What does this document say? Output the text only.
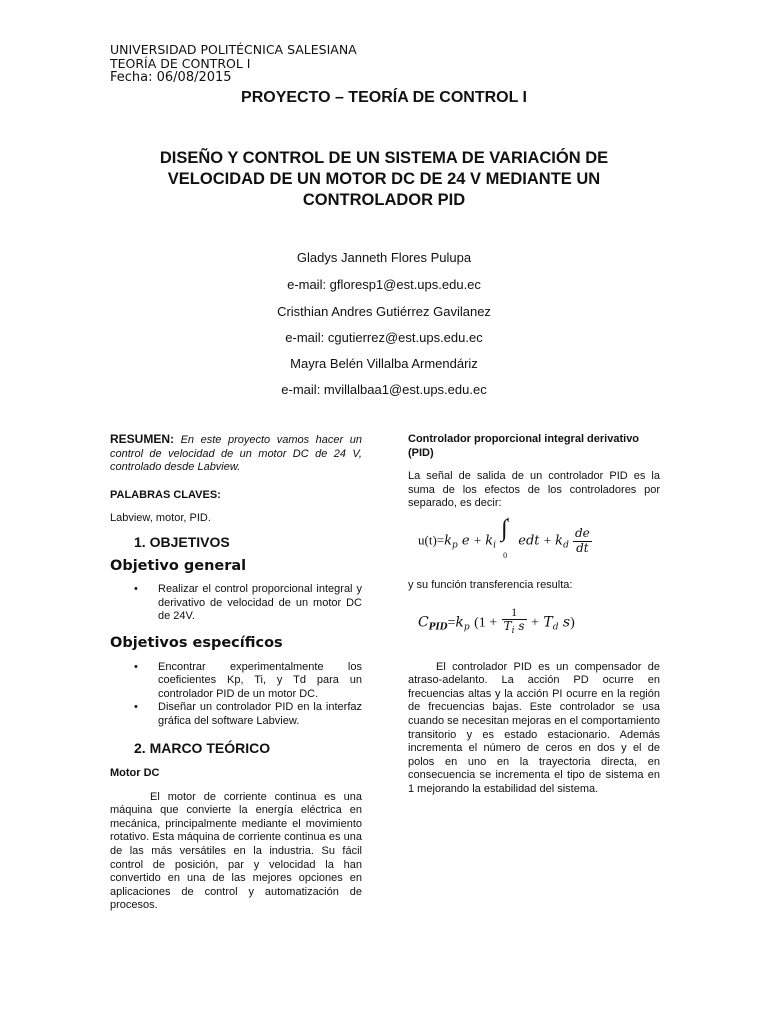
UNIVERSIDAD POLITÉCNICA SALESIANA
TEORÍA DE CONTROL I
Fecha: 06/08/2015
PROYECTO – TEORÍA DE CONTROL I
DISEÑO Y CONTROL DE UN SISTEMA DE VARIACIÓN DE
VELOCIDAD DE UN MOTOR DC DE 24 V MEDIANTE UN
CONTROLADOR PID
Gladys Janneth Flores Pulupa
e-mail: gfloresp1@est.ups.edu.ec
Cristhian Andres Gutiérrez Gavilanez
e-mail: cgutierrez@est.ups.edu.ec
Mayra Belén Villalba Armendáriz
e-mail: mvillalbaa1@est.ups.edu.ec
RESUMEN: En este proyecto vamos hacer un control de velocidad de un motor DC de 24 V, controlado desde Labview.
PALABRAS CLAVES:
Labview, motor, PID.
1. OBJETIVOS
Objetivo general
• Realizar el control proporcional integral y derivativo de velocidad de un motor DC de 24V.
Objetivos específicos
• Encontrar experimentalmente los coeficientes Kp, Ti, y Td para un controlador PID de un motor DC.
• Diseñar un controlador PID en la interfaz gráfica del software Labview.
2. MARCO TEÓRICO
Motor DC
El motor de corriente continua es una máquina que convierte la energía eléctrica en mecánica, principalmente mediante el movimiento rotativo. Esta máquina de corriente continua es una de las más versátiles en la industria. Su fácil control de posición, par y velocidad la han convertido en una de las mejores opciones en aplicaciones de control y automatización de procesos.
Controlador proporcional integral derivativo (PID)
La señal de salida de un controlador PID es la suma de los efectos de los controladores por separado, es decir:
$u(t)=k_p$ $e + k_i$
∫ t
0
edt + $k_d \frac{de}{dt}$
y su función transferencia resulta:
$C_{PID}=k_p$ ($1 + \frac{1}{T_i s} + T_d$ s)
El controlador PID es un compensador de atraso-adelanto. La acción PD ocurre en frecuencias altas y la acción PI ocurre en la región de frecuencias bajas. Este controlador se usa cuando se necesitan mejoras en el comportamiento transitorio y es estado estacionario. Además incrementa el número de ceros en dos y el de polos en uno en la trayectoria directa, en consecuencia se incrementa el tipo de sistema en 1 mejorando la estabilidad del sistema.
